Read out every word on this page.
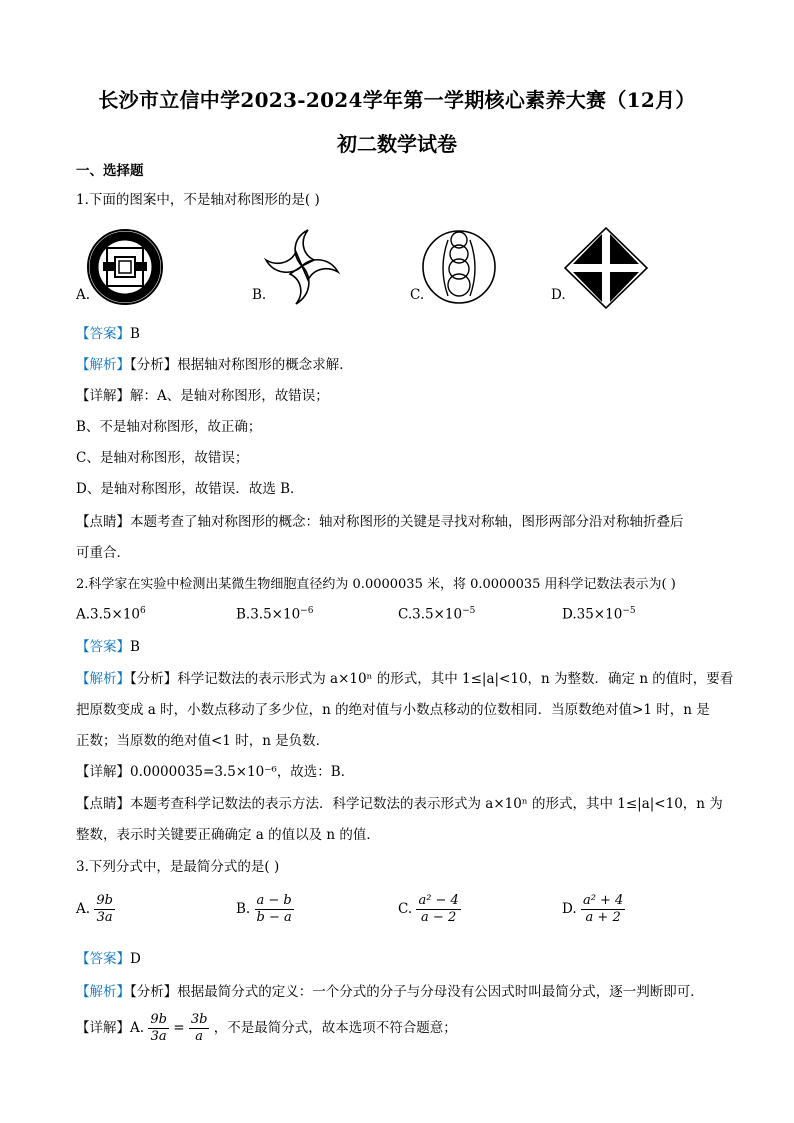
长沙市立信中学2023-2024学年第一学期核心素养大赛（12月）
初二数学试卷
一、选择题
1.下面的图案中，不是轴对称图形的是( )
A.	B.	C.	D.
【答案】B
【解析】【分析】根据轴对称图形的概念求解．
【详解】解：A、是轴对称图形，故错误；
B、不是轴对称图形，故正确；
C、是轴对称图形，故错误；
D、是轴对称图形，故错误．故选 B．
【点睛】本题考查了轴对称图形的概念：轴对称图形的关键是寻找对称轴，图形两部分沿对称轴折叠后
可重合．
2.科学家在实验中检测出某微生物细胞直径约为 0.0000035 米，将 0.0000035 用科学记数法表示为( )
$A.3.5\times 10^6$	$B.3.5\times 10^{-6}$	$C.3.5\times 10^{-5}$	$D.35\times 10^{-5}$
【答案】B
【解析】【分析】科学记数法的表示形式为 a×10ⁿ 的形式，其中 1≤|a|<10，n 为整数．确定 n 的值时，要看
把原数变成 a 时，小数点移动了多少位，n 的绝对值与小数点移动的位数相同．当原数绝对值>1 时，n 是
正数；当原数的绝对值<1 时，n 是负数．
【详解】0.0000035=3.5×10⁻⁶，故选：B．
【点睛】本题考查科学记数法的表示方法．科学记数法的表示形式为 a×10ⁿ 的形式，其中 1≤|a|<10，n 为
整数，表示时关键要正确确定 a 的值以及 n 的值．
3.下列分式中，是最简分式的是( )
A. $\frac{9b}{3a}$	B. $\frac{a - b}{b - a}$	C. $\frac{\text{a² − 4}}{a - 2}$	D. $\frac{\text{a² + 4}}{a + 2}$
【答案】D
【解析】【分析】根据最简分式的定义：一个分式的分子与分母没有公因式时叫最简分式，逐一判断即可．
【详解】A. $\frac{9b}{3a} = \frac{3b}{a}$ ，不是最简分式，故本选项不符合题意；
